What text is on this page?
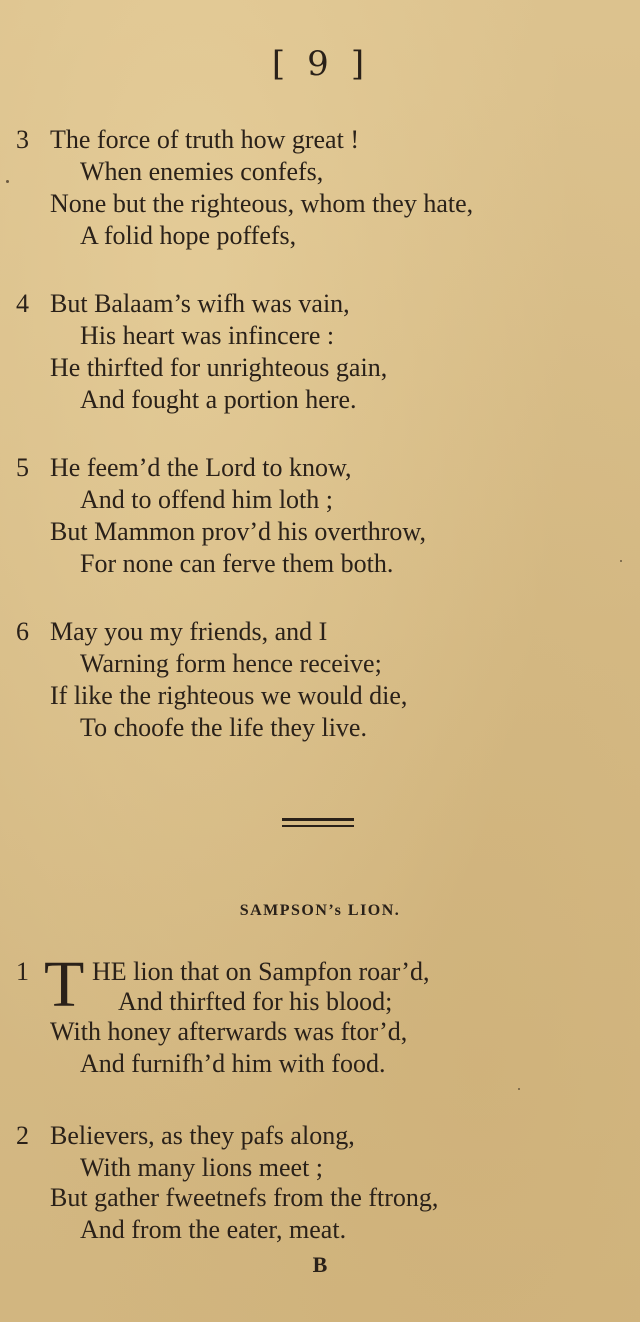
[ 9 ]
3 The force of truth how great !
When enemies confefs,
None but the righteous, whom they hate,
A folid hope poffefs,
4 But Balaam’s wifh was vain,
His heart was infincere :
He thirfted for unrighteous gain,
And fought a portion here.
5 He feem’d the Lord to know,
And to offend him loth ;
But Mammon prov’d his overthrow,
For none can ferve them both.
6 May you my friends, and I
Warning form hence receive;
If like the righteous we would die,
To choofe the life they live.
SAMPSON’s LION.
1 T HE lion that on Sampfon roar’d,
And thirfted for his blood;
With honey afterwards was ftor’d,
And furnifh’d him with food.
2 Believers, as they pafs along,
With many lions meet ;
But gather fweetnefs from the ftrong,
And from the eater, meat.
B
